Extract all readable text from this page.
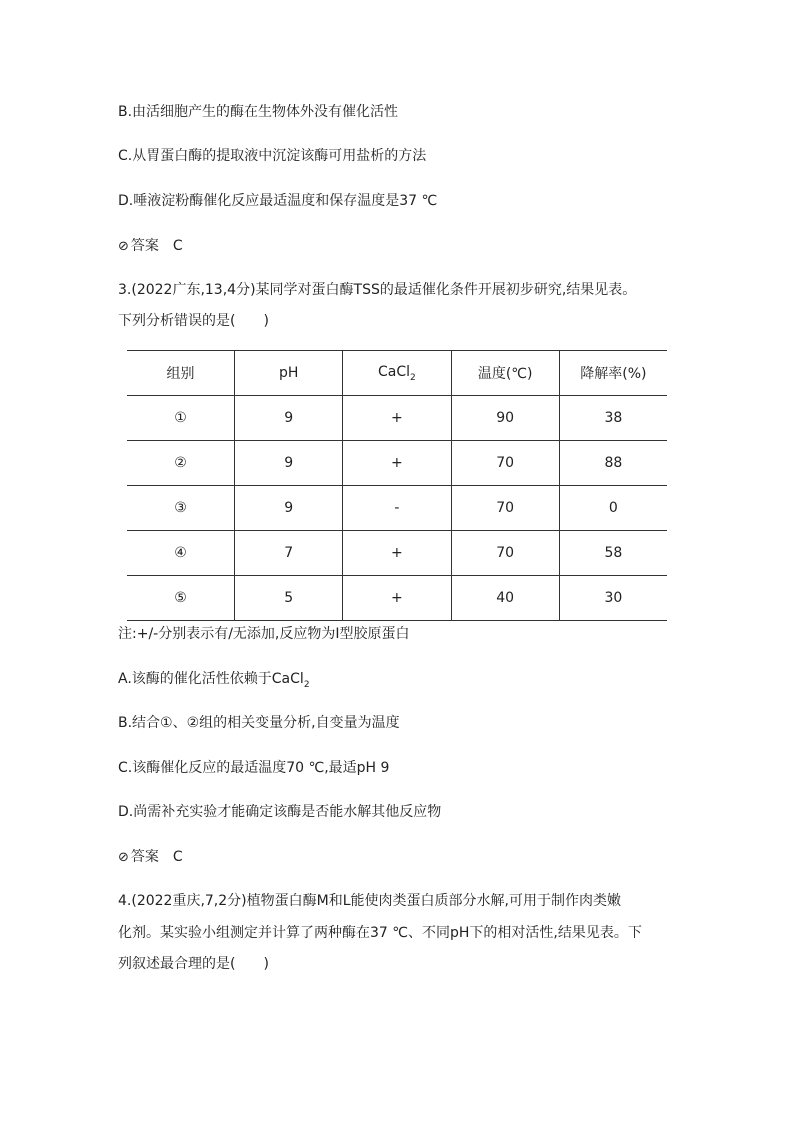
B.由活细胞产生的酶在生物体外没有催化活性
C.从胃蛋白酶的提取液中沉淀该酶可用盐析的方法
D.唾液淀粉酶催化反应最适温度和保存温度是37 ℃
⊘ 答案 C
3.(2022广东,13,4分)某同学对蛋白酶TSS的最适催化条件开展初步研究,结果见表。
下列分析错误的是(　　)
组别	pH	CaCl$_2$	温度(℃)	降解率(%)
①	9	+	90	38
②	9	+	70	88
③	9	-	70	0
④	7	+	70	58
⑤	5	+	40	30
注:+/-分别表示有/无添加,反应物为Ⅰ型胶原蛋白
A.该酶的催化活性依赖于CaCl$_2$
B.结合①、②组的相关变量分析,自变量为温度
C.该酶催化反应的最适温度70 ℃,最适pH 9
D.尚需补充实验才能确定该酶是否能水解其他反应物
⊘ 答案 C
4.(2022重庆,7,2分)植物蛋白酶M和L能使肉类蛋白质部分水解,可用于制作肉类嫩
化剂。某实验小组测定并计算了两种酶在37 ℃、不同pH下的相对活性,结果见表。下
列叙述最合理的是(　　)
